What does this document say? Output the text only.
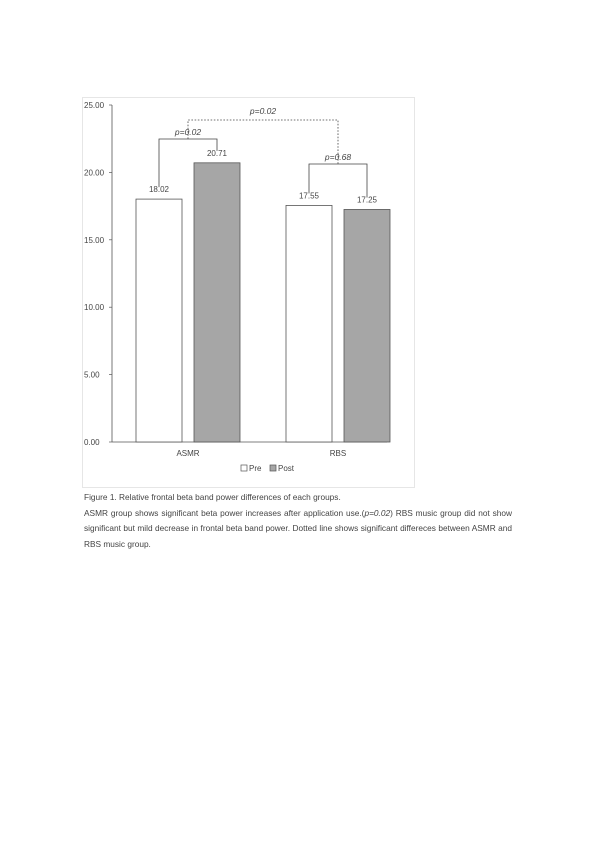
0.00
5.00
10.00
15.00
20.00
25.00
18.02
20.71
17.55	17.25
ASMR	RBS
p=0.02
p=0.68
p=0.02
Pre Post
Figure 1. Relative frontal beta band power differences of each groups.
ASMR group shows significant beta power increases after application use.(p=0.02) RBS music group did not show significant but mild decrease in frontal beta band power. Dotted line shows significant differeces between ASMR and RBS music group.
